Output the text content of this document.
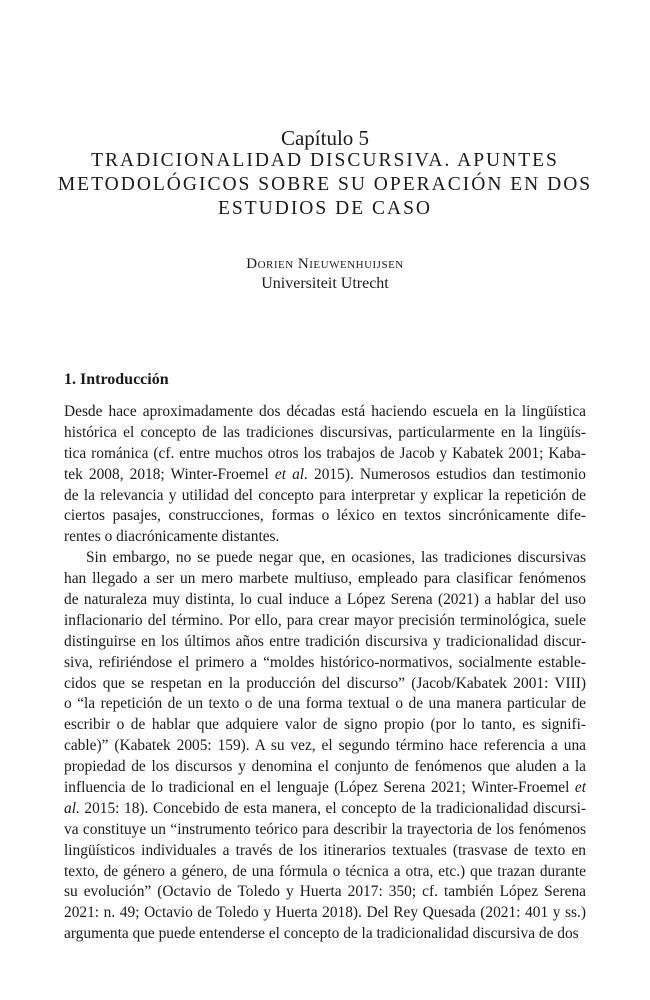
Capítulo 5
TRADICIONALIDAD DISCURSIVA. APUNTES
METODOLÓGICOS SOBRE SU OPERACIÓN EN DOS
ESTUDIOS DE CASO
Dorien Nieuwenhuijsen
Universiteit Utrecht
1. Introducción
Desde hace aproximadamente dos décadas está haciendo escuela en la lingüística
histórica el concepto de las tradiciones discursivas, particularmente en la lingüís-
tica románica (cf. entre muchos otros los trabajos de Jacob y Kabatek 2001; Kaba-
tek 2008, 2018; Winter-Froemel et al. 2015). Numerosos estudios dan testimonio
de la relevancia y utilidad del concepto para interpretar y explicar la repetición de
ciertos pasajes, construcciones, formas o léxico en textos sincrónicamente dife-
rentes o diacrónicamente distantes.
Sin embargo, no se puede negar que, en ocasiones, las tradiciones discursivas
han llegado a ser un mero marbete multiuso, empleado para clasificar fenómenos
de naturaleza muy distinta, lo cual induce a López Serena (2021) a hablar del uso
inflacionario del término. Por ello, para crear mayor precisión terminológica, suele
distinguirse en los últimos años entre tradición discursiva y tradicionalidad discur-
siva, refiriéndose el primero a “moldes histórico-normativos, socialmente estable-
cidos que se respetan en la producción del discurso” (Jacob/Kabatek 2001: VIII)
o “la repetición de un texto o de una forma textual o de una manera particular de
escribir o de hablar que adquiere valor de signo propio (por lo tanto, es signifi-
cable)” (Kabatek 2005: 159). A su vez, el segundo término hace referencia a una
propiedad de los discursos y denomina el conjunto de fenómenos que aluden a la
influencia de lo tradicional en el lenguaje (López Serena 2021; Winter-Froemel et
al. 2015: 18). Concebido de esta manera, el concepto de la tradicionalidad discursi-
va constituye un “instrumento teórico para describir la trayectoria de los fenómenos
lingüísticos individuales a través de los itinerarios textuales (trasvase de texto en
texto, de género a género, de una fórmula o técnica a otra, etc.) que trazan durante
su evolución” (Octavio de Toledo y Huerta 2017: 350; cf. también López Serena
2021: n. 49; Octavio de Toledo y Huerta 2018). Del Rey Quesada (2021: 401 y ss.)
argumenta que puede entenderse el concepto de la tradicionalidad discursiva de dos
